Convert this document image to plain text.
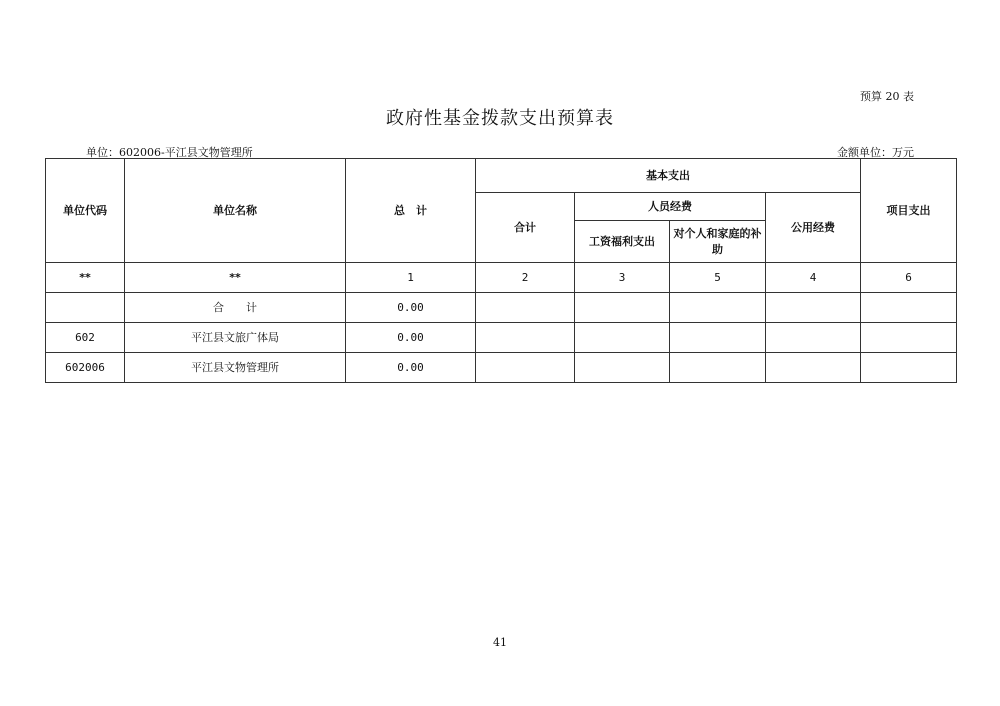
预算 20 表
政府性基金拨款支出预算表
单位：602006-平江县文物管理所	金额单位：万元
单位代码	单位名称	总　计	基本支出				项目支出
			合计	人员经费		公用经费	
				工资福利支出	对个人和家庭的补助		
**	**	1	2	3	5	4	6
	合　　计	0.00					
602	平江县文旅广体局	0.00					
602006	平江县文物管理所	0.00					
41
